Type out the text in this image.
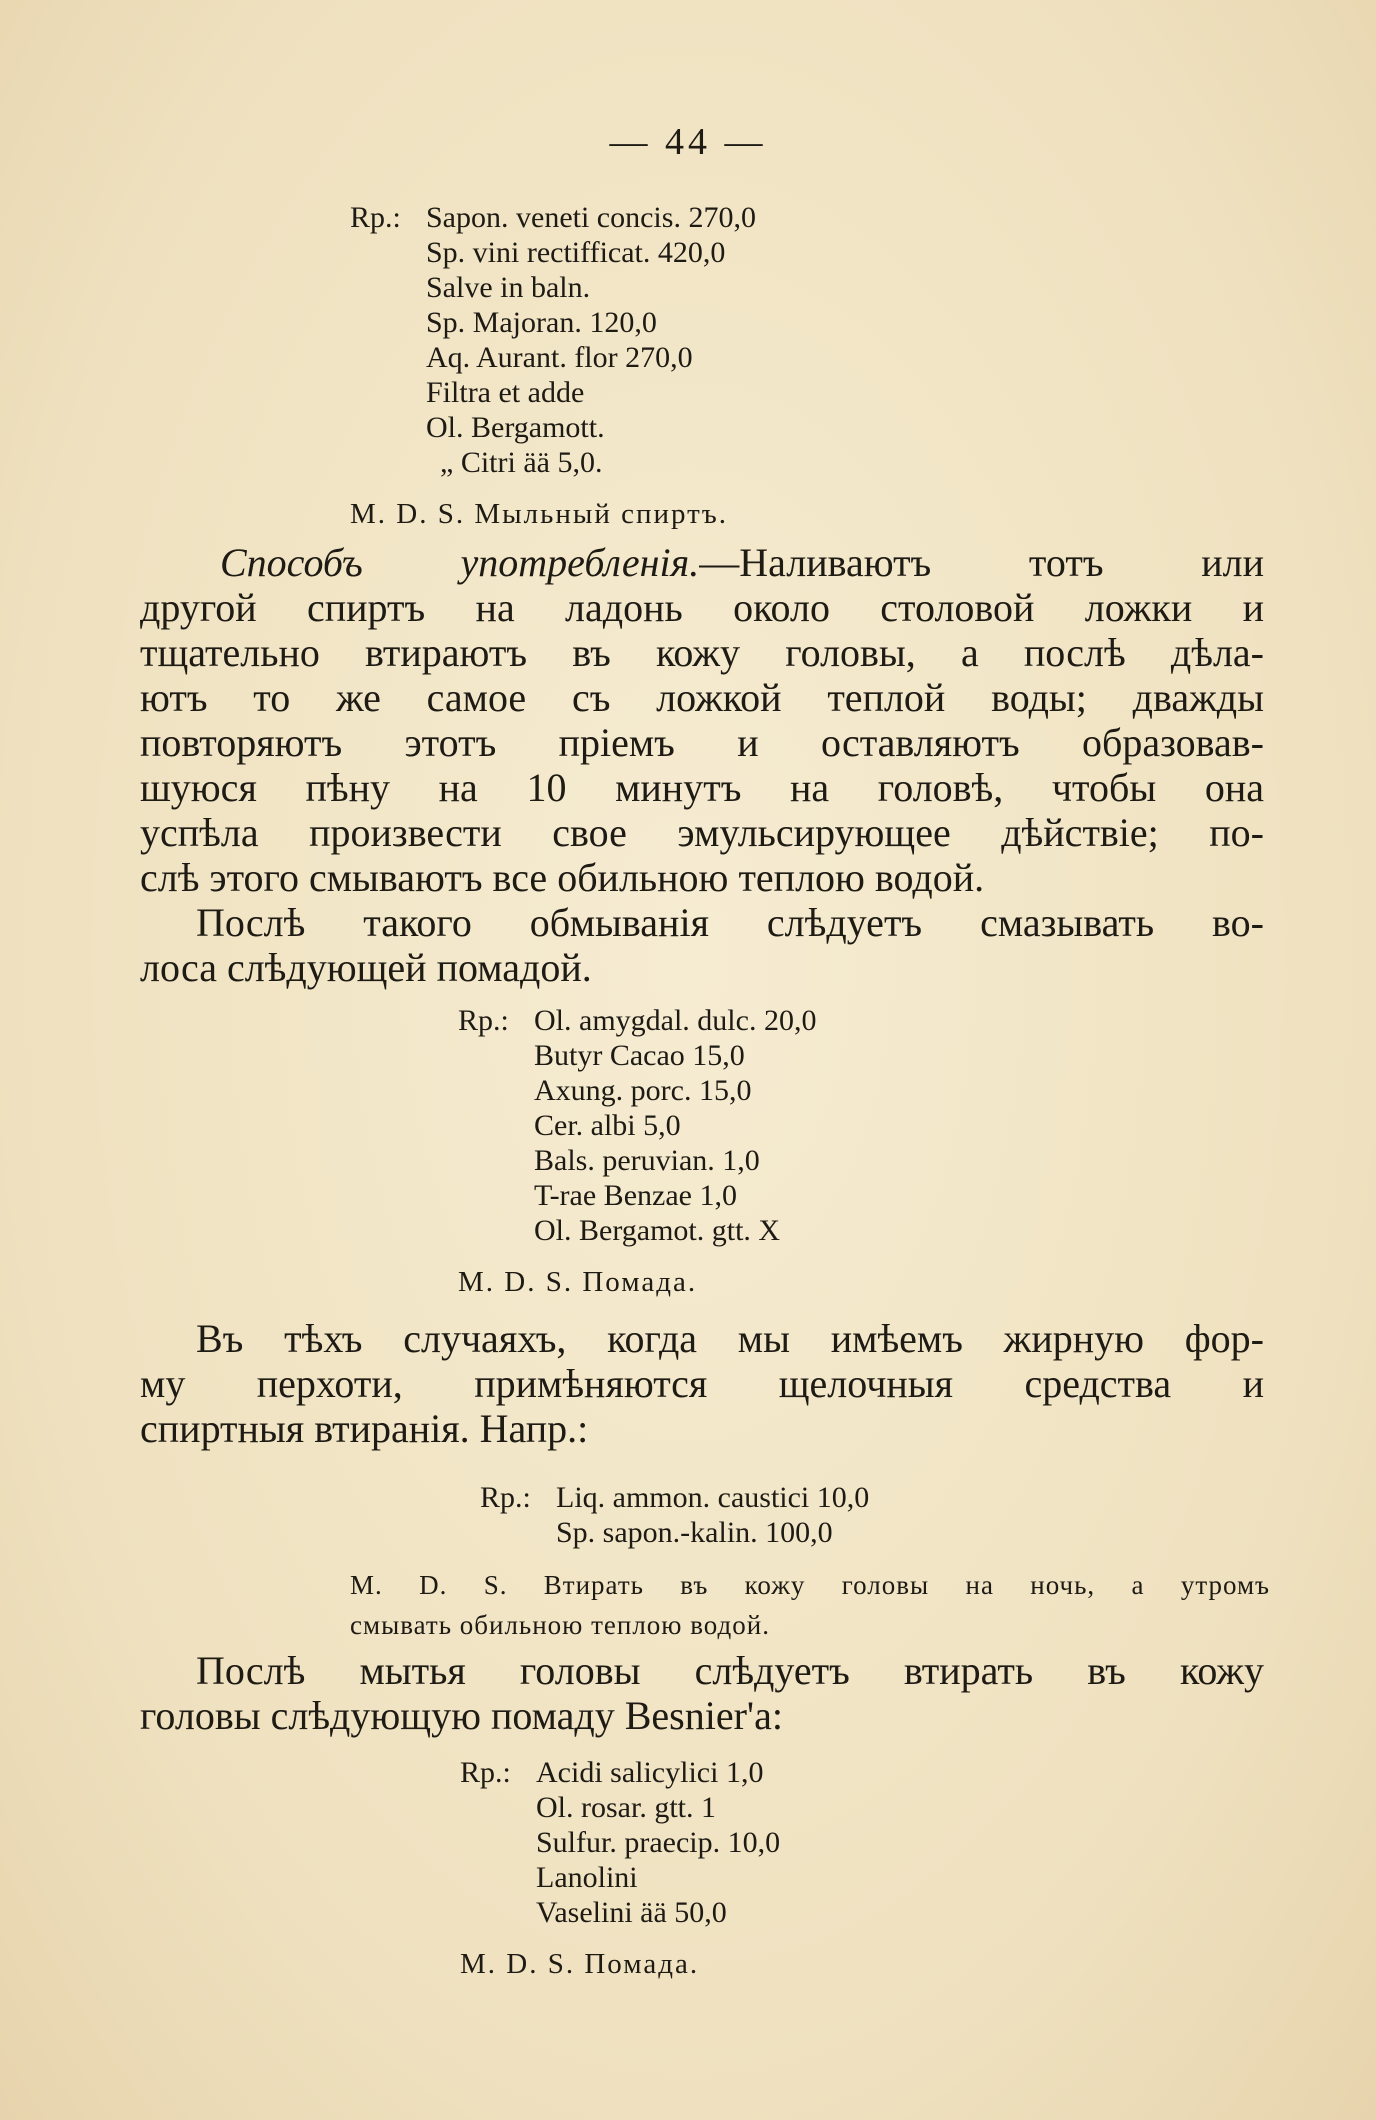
— 44 —
Rp.: Sapon. veneti concis. 270,0
Sp. vini rectifficat. 420,0
Salve in baln.
Sp. Majoran. 120,0
Aq. Aurant. flor 270,0
Filtra et adde
Ol. Bergamott.
„ Citri ää 5,0.
M. D. S. Мыльный спиртъ.
Способъ употребленія.—Наливаютъ тотъ или
другой спиртъ на ладонь около столовой ложки и
тщательно втираютъ въ кожу головы, а послѣ дѣла-
ютъ то же самое съ ложкой теплой воды; дважды
повторяютъ этотъ пріемъ и оставляютъ образовав-
шуюся пѣну на 10 минутъ на головѣ, чтобы она
успѣла произвести свое эмульсирующее дѣйствіе; по-
слѣ этого смываютъ все обильною теплою водой.
Послѣ такого обмыванія слѣдуетъ смазывать во-
лоса слѣдующей помадой.
Rp.: Ol. amygdal. dulc. 20,0
Butyr Cacao 15,0
Axung. porc. 15,0
Cer. albi 5,0
Bals. peruvian. 1,0
T-rae Benzae 1,0
Ol. Bergamot. gtt. X
M. D. S. Помада.
Въ тѣхъ случаяхъ, когда мы имѣемъ жирную фор-
му перхоти, примѣняются щелочныя средства и
спиртныя втиранія. Напр.:
Rp.: Liq. ammon. caustici 10,0
Sp. sapon.-kalin. 100,0
M. D. S. Втирать въ кожу головы на ночь, а утромъ
смывать обильною теплою водой.
Послѣ мытья головы слѣдуетъ втирать въ кожу
головы слѣдующую помаду Besnier'a:
Rp.: Acidi salicylici 1,0
Ol. rosar. gtt. 1
Sulfur. praecip. 10,0
Lanolini
Vaselini ää 50,0
M. D. S. Помада.
